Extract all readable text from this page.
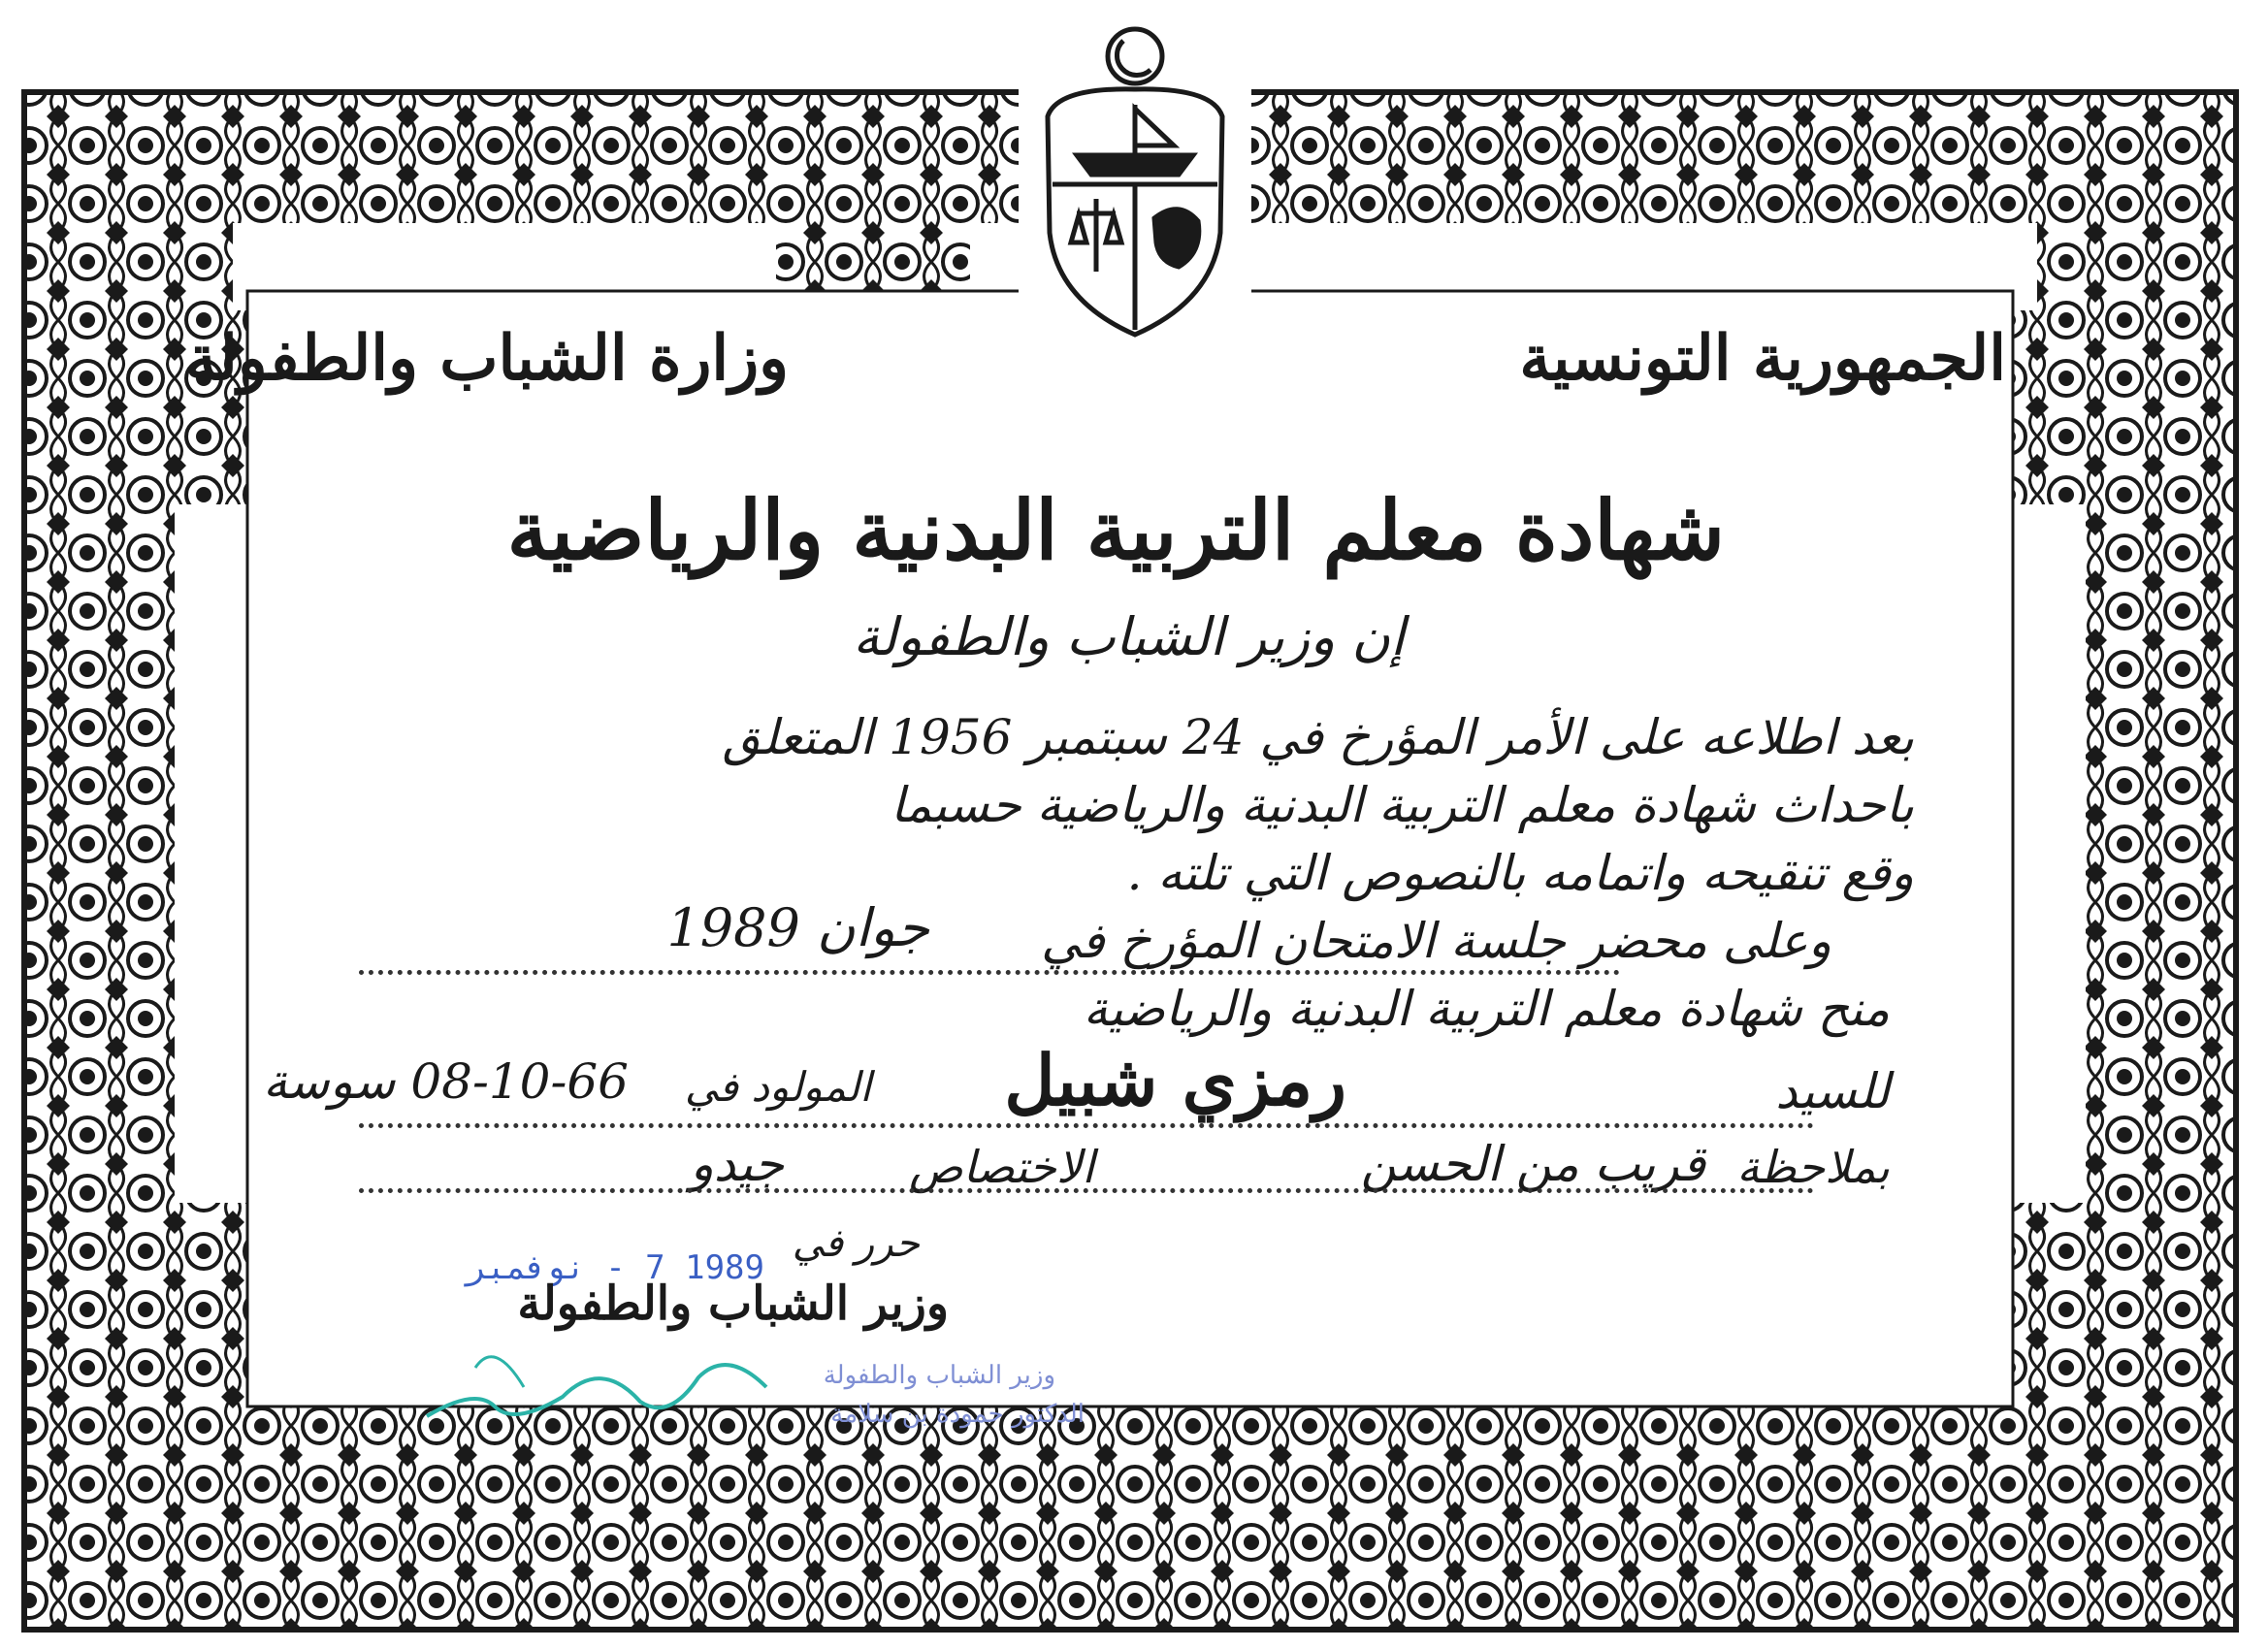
الجمهورية التونسية
وزارة الشباب والطفولة
شهادة معلم التربية البدنية والرياضية
إن وزير الشباب والطفولة
بعد اطلاعه على الأمر المؤرخ في 24 سبتمبر 1956 المتعلق
باحداث شهادة معلم التربية البدنية والرياضية حسبما
وقع تنقيحه واتمامه بالنصوص التي تلته .
وعلى محضر جلسة الامتحان المؤرخ في
جوان 1989
منح شهادة معلم التربية البدنية والرياضية
للسيد
رمزي شبيل
المولود في
08-10-66 سوسة
بملاحظة
قريب من الحسن
الاختصاص
جيدو
حرر في
1989 7 - نوفمبر
وزير الشباب والطفولة
وزير الشباب والطفولة
الدكتور حمودة بن سلامة
